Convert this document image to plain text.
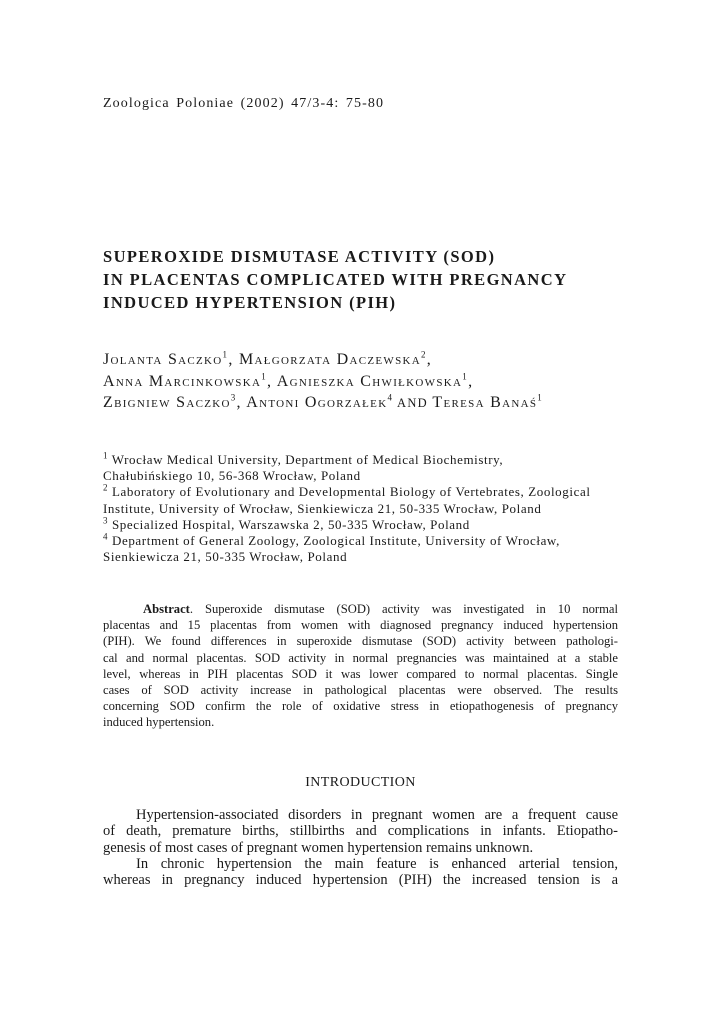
Zoologica Poloniae (2002) 47/3-4: 75-80
SUPEROXIDE DISMUTASE ACTIVITY (SOD)
IN PLACENTAS COMPLICATED WITH PREGNANCY
INDUCED HYPERTENSION (PIH)
Jolanta Saczko$^1$, Małgorzata Daczewska$^2$,
Anna Marcinkowska$^1$, Agnieszka Chwiłkowska$^1$,
Zbigniew Saczko$^3$, Antoni Ogorzałek$^4$ AND Teresa Banaś$^1$
$^1$ Wrocław Medical University, Department of Medical Biochemistry,
Chałubińskiego 10, 56-368 Wrocław, Poland
$^2$ Laboratory of Evolutionary and Developmental Biology of Vertebrates, Zoological
Institute, University of Wrocław, Sienkiewicza 21, 50-335 Wrocław, Poland
$^3$ Specialized Hospital, Warszawska 2, 50-335 Wrocław, Poland
$^4$ Department of General Zoology, Zoological Institute, University of Wrocław,
Sienkiewicza 21, 50-335 Wrocław, Poland
Abstract. Superoxide dismutase (SOD) activity was investigated in 10 normal
placentas and 15 placentas from women with diagnosed pregnancy induced hypertension
(PIH). We found differences in superoxide dismutase (SOD) activity between pathologi-
cal and normal placentas. SOD activity in normal pregnancies was maintained at a stable
level, whereas in PIH placentas SOD it was lower compared to normal placentas. Single
cases of SOD activity increase in pathological placentas were observed. The results
concerning SOD confirm the role of oxidative stress in etiopathogenesis of pregnancy
induced hypertension.
INTRODUCTION
Hypertension-associated disorders in pregnant women are a frequent cause
of death, premature births, stillbirths and complications in infants. Etiopatho-
genesis of most cases of pregnant women hypertension remains unknown.
In chronic hypertension the main feature is enhanced arterial tension,
whereas in pregnancy induced hypertension (PIH) the increased tension is a
